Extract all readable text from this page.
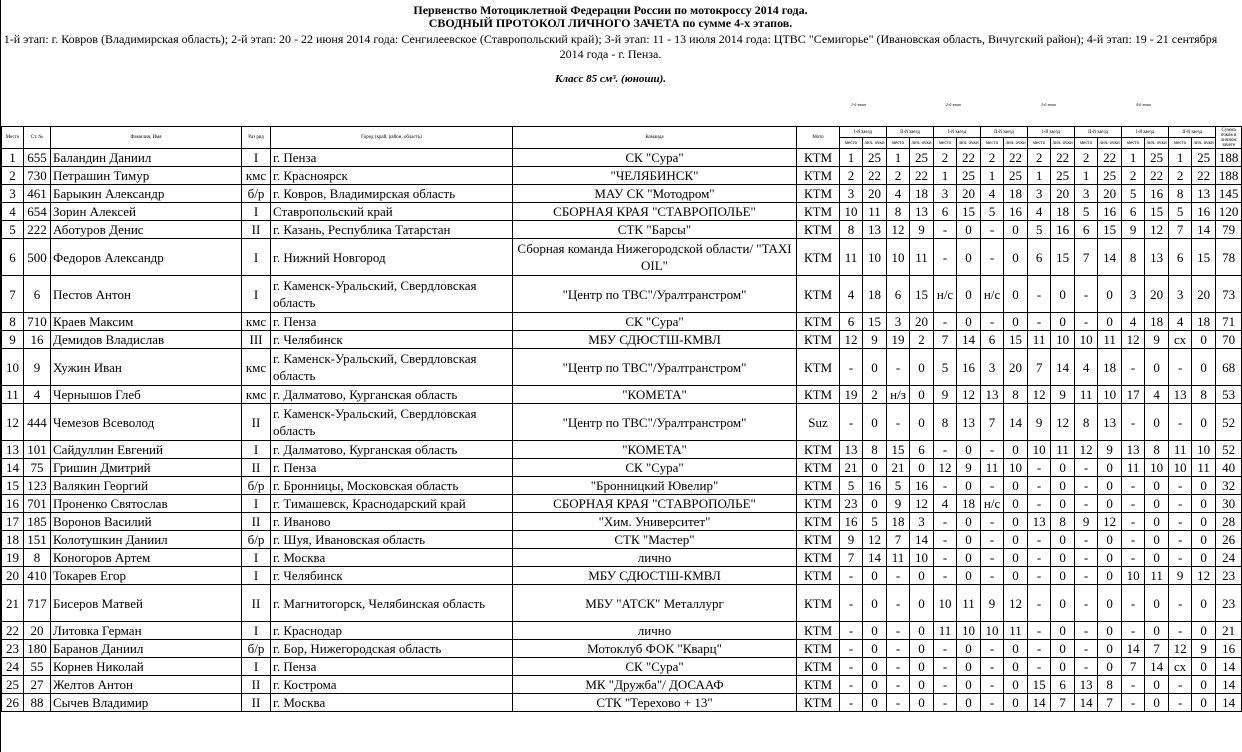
Первенство Мотоциклетной Федерации России по мотокроссу 2014 года.
СВОДНЫЙ ПРОТОКОЛ ЛИЧНОГО ЗАЧЕТА по сумме 4-х этапов.
1-й этап: г. Ковров (Владимирская область); 2-й этап: 20 - 22 июня 2014 года: Сенгилеевское (Ставропольский край); 3-й этап: 11 - 13 июля 2014 года: ЦТВС "Семигорье" (Ивановская область, Вичугский район); 4-й этап: 19 - 21 сентября 2014 года - г. Пенза.
Класс 85 см³. (юноши).
1-й этап	2-й этап	3-й этап	4-й этап
Место	Ст. №	Фамилия, Имя	Раз ряд	Город (край, район, область)	Команда	Мото	I-й заезд		II-й заезд		I-й заезд		II-й заезд		I-й заезд		II-й заезд		I-й заезд		II-й заезд		Сумма очков в личном зачете
							место	лич. очки	место	лич. очки	место	лич. очки	место	лич. очки	место	лич. очки	место	лич. очки	место	лич. очки	место	лич. очки	
1	655	Баландин Даниил	I	г. Пенза	СК "Сура"	КТМ	1	25	1	25	2	22	2	22	2	22	2	22	1	25	1	25	188
2	730	Петрашин Тимур	кмс	г. Красноярск	"ЧЕЛЯБИНСК"	КТМ	2	22	2	22	1	25	1	25	1	25	1	25	2	22	2	22	188
3	461	Барыкин Александр	б/р	г. Ковров, Владимирская область	МАУ СК "Мотодром"	КТМ	3	20	4	18	3	20	4	18	3	20	3	20	5	16	8	13	145
4	654	Зорин Алексей	I	Ставропольский край	СБОРНАЯ КРАЯ "СТАВРОПОЛЬЕ"	КТМ	10	11	8	13	6	15	5	16	4	18	5	16	6	15	5	16	120
5	222	Аботуров Денис	II	г. Казань, Республика Татарстан	СТК "Барсы"	КТМ	8	13	12	9	-	0	-	0	5	16	6	15	9	12	7	14	79
6	500	Федоров Александр	I	г. Нижний Новгород	Сборная команда Нижегородской области/ "TAXI OIL"	КТМ	11	10	10	11	-	0	-	0	6	15	7	14	8	13	6	15	78
7	6	Пестов Антон	I	г. Каменск-Уральский, Свердловская область	"Центр по ТВС"/Уралтранстром"	КТМ	4	18	6	15	н/с	0	н/с	0	-	0	-	0	3	20	3	20	73
8	710	Краев Максим	кмс	г. Пенза	СК "Сура"	КТМ	6	15	3	20	-	0	-	0	-	0	-	0	4	18	4	18	71
9	16	Демидов Владислав	III	г. Челябинск	МБУ СДЮСТШ-КМВЛ	КТМ	12	9	19	2	7	14	6	15	11	10	10	11	12	9	сх	0	70
10	9	Хужин Иван	кмс	г. Каменск-Уральский, Свердловская область	"Центр по ТВС"/Уралтранстром"	КТМ	-	0	-	0	5	16	3	20	7	14	4	18	-	0	-	0	68
11	4	Чернышов Глеб	кмс	г. Далматово, Курганская область	"КОМЕТА"	КТМ	19	2	н/з	0	9	12	13	8	12	9	11	10	17	4	13	8	53
12	444	Чемезов Всеволод	II	г. Каменск-Уральский, Свердловская область	"Центр по ТВС"/Уралтранстром"	Suz	-	0	-	0	8	13	7	14	9	12	8	13	-	0	-	0	52
13	101	Сайдуллин Евгений	I	г. Далматово, Курганская область	"КОМЕТА"	КТМ	13	8	15	6	-	0	-	0	10	11	12	9	13	8	11	10	52
14	75	Гришин Дмитрий	II	г. Пенза	СК "Сура"	КТМ	21	0	21	0	12	9	11	10	-	0	-	0	11	10	10	11	40
15	123	Валякин Георгий	б/р	г. Бронницы, Московская область	"Бронницкий Ювелир"	КТМ	5	16	5	16	-	0	-	0	-	0	-	0	-	0	-	0	32
16	701	Проненко Святослав	I	г. Тимашевск, Краснодарский край	СБОРНАЯ КРАЯ "СТАВРОПОЛЬЕ"	КТМ	23	0	9	12	4	18	н/с	0	-	0	-	0	-	0	-	0	30
17	185	Воронов Василий	II	г. Иваново	"Хим. Университет"	КТМ	16	5	18	3	-	0	-	0	13	8	9	12	-	0	-	0	28
18	151	Колотушкин Даниил	б/р	г. Шуя, Ивановская область	СТК "Мастер"	КТМ	9	12	7	14	-	0	-	0	-	0	-	0	-	0	-	0	26
19	8	Коногоров Артем	I	г. Москва	лично	КТМ	7	14	11	10	-	0	-	0	-	0	-	0	-	0	-	0	24
20	410	Токарев Егор	I	г. Челябинск	МБУ СДЮСТШ-КМВЛ	КТМ	-	0	-	0	-	0	-	0	-	0	-	0	10	11	9	12	23
21	717	Бисеров Матвей	II	г. Магнитогорск, Челябинская область	МБУ "АТСК" Металлург	КТМ	-	0	-	0	10	11	9	12	-	0	-	0	-	0	-	0	23
22	20	Литовка Герман	I	г. Краснодар	лично	КТМ	-	0	-	0	11	10	10	11	-	0	-	0	-	0	-	0	21
23	180	Баранов Даниил	б/р	г. Бор, Нижегородская область	Мотоклуб ФОК "Кварц"	КТМ	-	0	-	0	-	0	-	0	-	0	-	0	14	7	12	9	16
24	55	Корнев Николай	I	г. Пенза	СК "Сура"	КТМ	-	0	-	0	-	0	-	0	-	0	-	0	7	14	сх	0	14
25	27	Желтов Антон	II	г. Кострома	МК "Дружба"/ ДОСААФ	КТМ	-	0	-	0	-	0	-	0	15	6	13	8	-	0	-	0	14
26	88	Сычев Владимир	II	г. Москва	СТК "Терехово + 13"	КТМ	-	0	-	0	-	0	-	0	14	7	14	7	-	0	-	0	14
